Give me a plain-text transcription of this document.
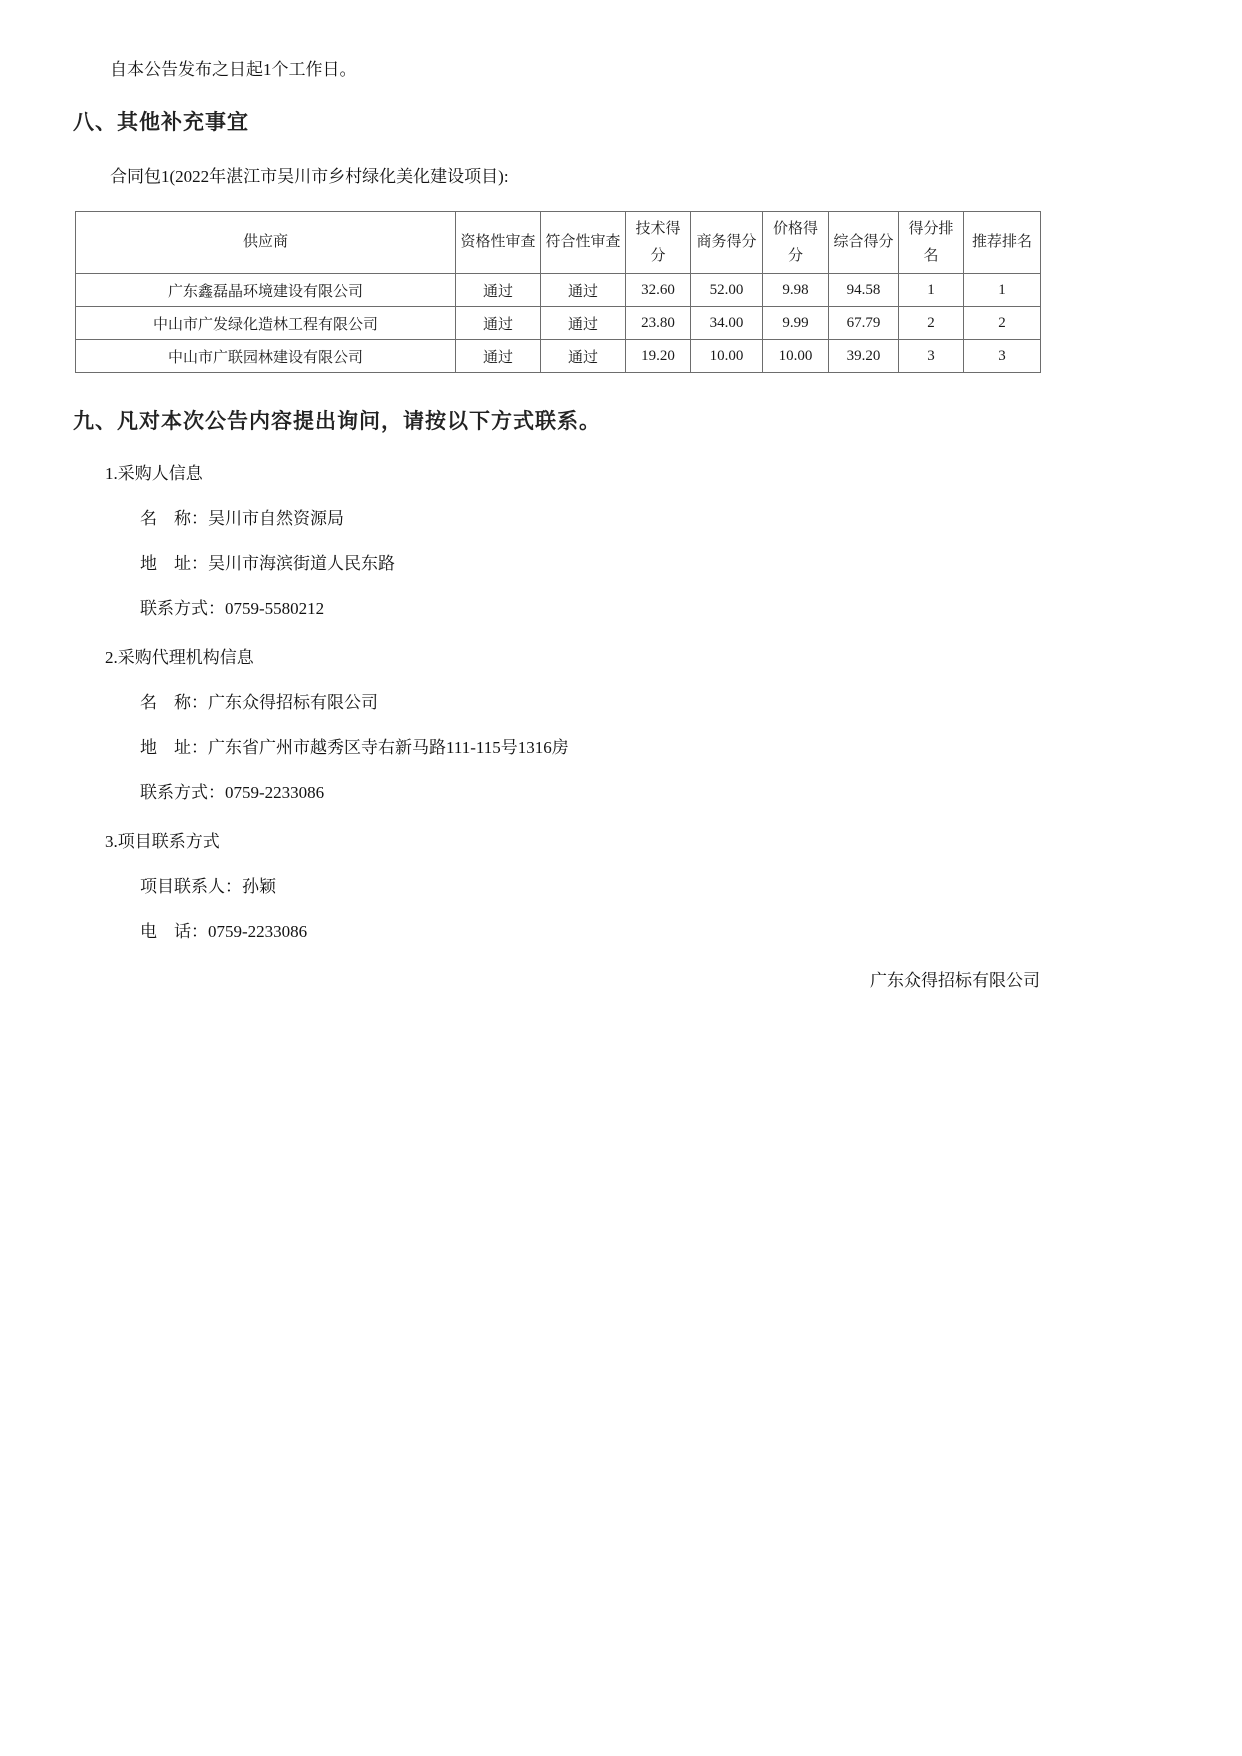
自本公告发布之日起1个工作日。

八、其他补充事宜

合同包1(2022年湛江市吴川市乡村绿化美化建设项目):

供应商	资格性审查	符合性审查	技术得分	商务得分	价格得分	综合得分	得分排名	推荐排名
广东鑫磊晶环境建设有限公司	通过	通过	32.60	52.00	9.98	94.58	1	1
中山市广发绿化造林工程有限公司	通过	通过	23.80	34.00	9.99	67.79	2	2
中山市广联园林建设有限公司	通过	通过	19.20	10.00	10.00	39.20	3	3
九、凡对本次公告内容提出询问，请按以下方式联系。

1.采购人信息

名　称：吴川市自然资源局

地　址：吴川市海滨街道人民东路

联系方式：0759-5580212

2.采购代理机构信息

名　称：广东众得招标有限公司

地　址：广东省广州市越秀区寺右新马路111-115号1316房

联系方式：0759-2233086

3.项目联系方式

项目联系人：孙颖

电　话：0759-2233086

广东众得招标有限公司
